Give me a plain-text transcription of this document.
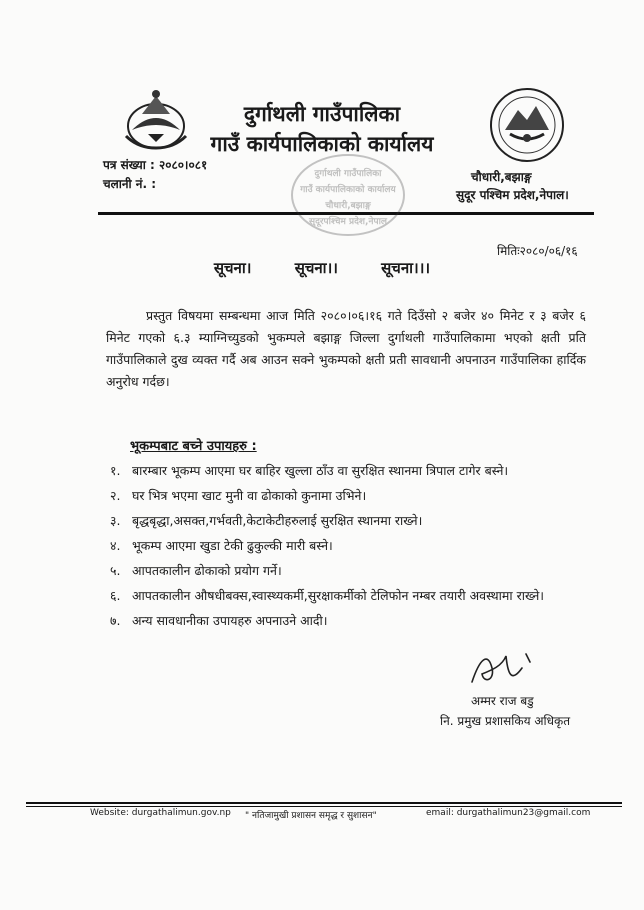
दुर्गाथली गाउँपालिका
गाउँ कार्यपालिकाको कार्यालय
पत्र संख्या : २०८०।०८१
चलानी नं. :	चौधारी,बझाङ्ग
सुदूर पश्चिम प्रदेश,नेपाल।
दुर्गाथली गाउँपालिका
गाउँ कार्यपालिकाको कार्यालय
चौधारी,बझाङ्ग
सुदूरपश्चिम प्रदेश,नेपाल
मितिः२०८०/०६/१६
सूचना।	सूचना।।	सूचना।।।

प्रस्तुत विषयमा सम्बन्धमा आज मिति २०८०।०६।१६ गते दिउँसो २ बजेर ४० मिनेट र ३ बजेर ६ मिनेट गएको ६.३ म्याग्निच्युडको भुकम्पले बझाङ्ग जिल्ला दुर्गाथली गाउँपालिकामा भएको क्षती प्रति गाउँपालिकाले दुख व्यक्त गर्दै अब आउन सक्ने भुकम्पको क्षती प्रती सावधानी अपनाउन गाउँपालिका हार्दिक अनुरोध गर्दछ।

भूकम्पबाट बच्ने उपायहरु :
१. बारम्बार भूकम्प आएमा घर बाहिर खुल्ला ठाँउ वा सुरक्षित स्थानमा त्रिपाल टागेर बस्ने।
२. घर भित्र भएमा खाट मुनी वा ढोकाको कुनामा उभिने।
३. बृद्धबृद्धा,असक्त,गर्भवती,केटाकेटीहरुलाई सुरक्षित स्थानमा राख्ने।
४. भूकम्प आएमा खुडा टेकी ढुकुल्की मारी बस्ने।
५. आपतकालीन ढोकाको प्रयोग गर्ने।
६. आपतकालीन औषधीबक्स,स्वास्थ्यकर्मी,सुरक्षाकर्मीको टेलिफोन नम्बर तयारी अवस्थामा राख्ने।
७. अन्य सावधानीका उपायहरु अपनाउने आदी।
अम्मर राज बडु
नि. प्रमुख प्रशासकिय अधिकृत
Website: durgathalimun.gov.np " नतिजामुखी प्रशासन समृद्ध र सुशासन"	email: durgathalimun23@gmail.com
